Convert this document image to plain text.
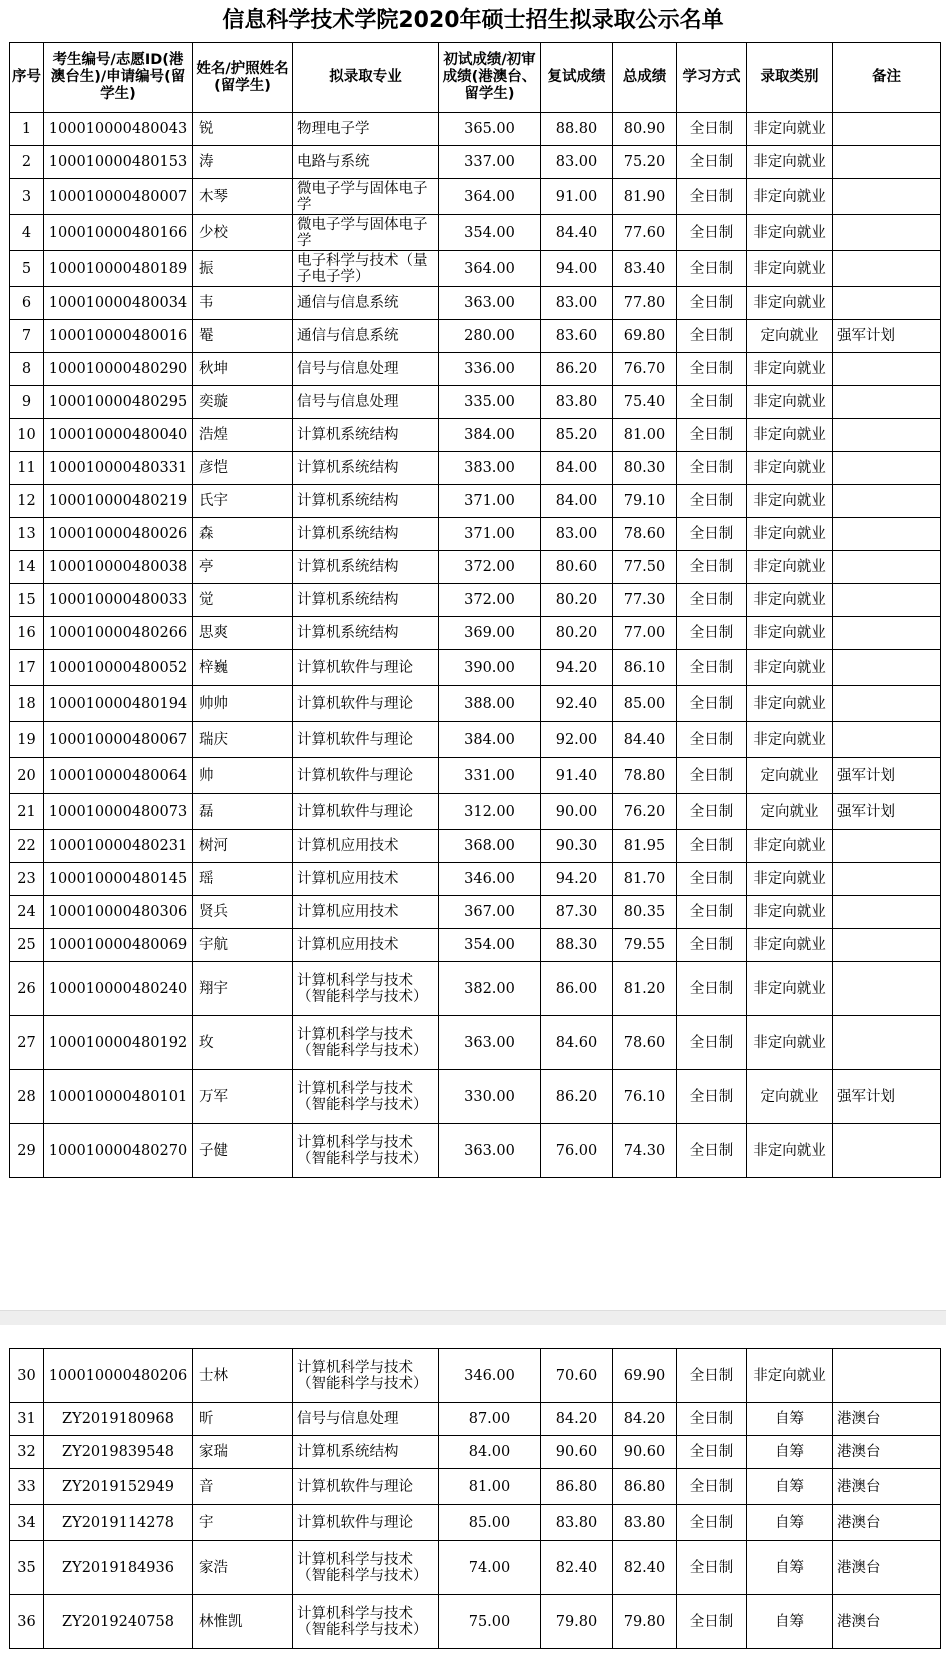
信息科学技术学院2020年硕士招生拟录取公示名单
序号	考生编号/志愿ID(港澳台生)/申请编号(留学生)	姓名/护照姓名(留学生)	拟录取专业	初试成绩/初审成绩(港澳台、留学生)	复试成绩	总成绩	学习方式	录取类别	备注
1	100010000480043	锐	物理电子学	365.00	88.80	80.90	全日制	非定向就业	
2	100010000480153	涛	电路与系统	337.00	83.00	75.20	全日制	非定向就业	
3	100010000480007	木琴	微电子学与固体电子学	364.00	91.00	81.90	全日制	非定向就业	
4	100010000480166	少校	微电子学与固体电子学	354.00	84.40	77.60	全日制	非定向就业	
5	100010000480189	振	电子科学与技术（量子电子学）	364.00	94.00	83.40	全日制	非定向就业	
6	100010000480034	韦	通信与信息系统	363.00	83.00	77.80	全日制	非定向就业	
7	100010000480016	罨	通信与信息系统	280.00	83.60	69.80	全日制	定向就业	强军计划
8	100010000480290	秋坤	信号与信息处理	336.00	86.20	76.70	全日制	非定向就业	
9	100010000480295	奕璇	信号与信息处理	335.00	83.80	75.40	全日制	非定向就业	
10	100010000480040	浩煌	计算机系统结构	384.00	85.20	81.00	全日制	非定向就业	
11	100010000480331	彦恺	计算机系统结构	383.00	84.00	80.30	全日制	非定向就业	
12	100010000480219	氏宇	计算机系统结构	371.00	84.00	79.10	全日制	非定向就业	
13	100010000480026	森	计算机系统结构	371.00	83.00	78.60	全日制	非定向就业	
14	100010000480038	亭	计算机系统结构	372.00	80.60	77.50	全日制	非定向就业	
15	100010000480033	觉	计算机系统结构	372.00	80.20	77.30	全日制	非定向就业	
16	100010000480266	思爽	计算机系统结构	369.00	80.20	77.00	全日制	非定向就业	
17	100010000480052	梓巍	计算机软件与理论	390.00	94.20	86.10	全日制	非定向就业	
18	100010000480194	帅帅	计算机软件与理论	388.00	92.40	85.00	全日制	非定向就业	
19	100010000480067	瑞庆	计算机软件与理论	384.00	92.00	84.40	全日制	非定向就业	
20	100010000480064	帅	计算机软件与理论	331.00	91.40	78.80	全日制	定向就业	强军计划
21	100010000480073	磊	计算机软件与理论	312.00	90.00	76.20	全日制	定向就业	强军计划
22	100010000480231	树河	计算机应用技术	368.00	90.30	81.95	全日制	非定向就业	
23	100010000480145	瑶	计算机应用技术	346.00	94.20	81.70	全日制	非定向就业	
24	100010000480306	贤兵	计算机应用技术	367.00	87.30	80.35	全日制	非定向就业	
25	100010000480069	宇航	计算机应用技术	354.00	88.30	79.55	全日制	非定向就业	
26	100010000480240	翔宇	计算机科学与技术（智能科学与技术）	382.00	86.00	81.20	全日制	非定向就业	
27	100010000480192	玫	计算机科学与技术（智能科学与技术）	363.00	84.60	78.60	全日制	非定向就业	
28	100010000480101	万军	计算机科学与技术（智能科学与技术）	330.00	86.20	76.10	全日制	定向就业	强军计划
29	100010000480270	子健	计算机科学与技术（智能科学与技术）	363.00	76.00	74.30	全日制	非定向就业	
30	100010000480206	士林	计算机科学与技术（智能科学与技术）	346.00	70.60	69.90	全日制	非定向就业	
31	ZY2019180968	昕	信号与信息处理	87.00	84.20	84.20	全日制	自筹	港澳台
32	ZY2019839548	家瑞	计算机系统结构	84.00	90.60	90.60	全日制	自筹	港澳台
33	ZY2019152949	音	计算机软件与理论	81.00	86.80	86.80	全日制	自筹	港澳台
34	ZY2019114278	宇	计算机软件与理论	85.00	83.80	83.80	全日制	自筹	港澳台
35	ZY2019184936	家浩	计算机科学与技术（智能科学与技术）	74.00	82.40	82.40	全日制	自筹	港澳台
36	ZY2019240758	林惟凯	计算机科学与技术（智能科学与技术）	75.00	79.80	79.80	全日制	自筹	港澳台
